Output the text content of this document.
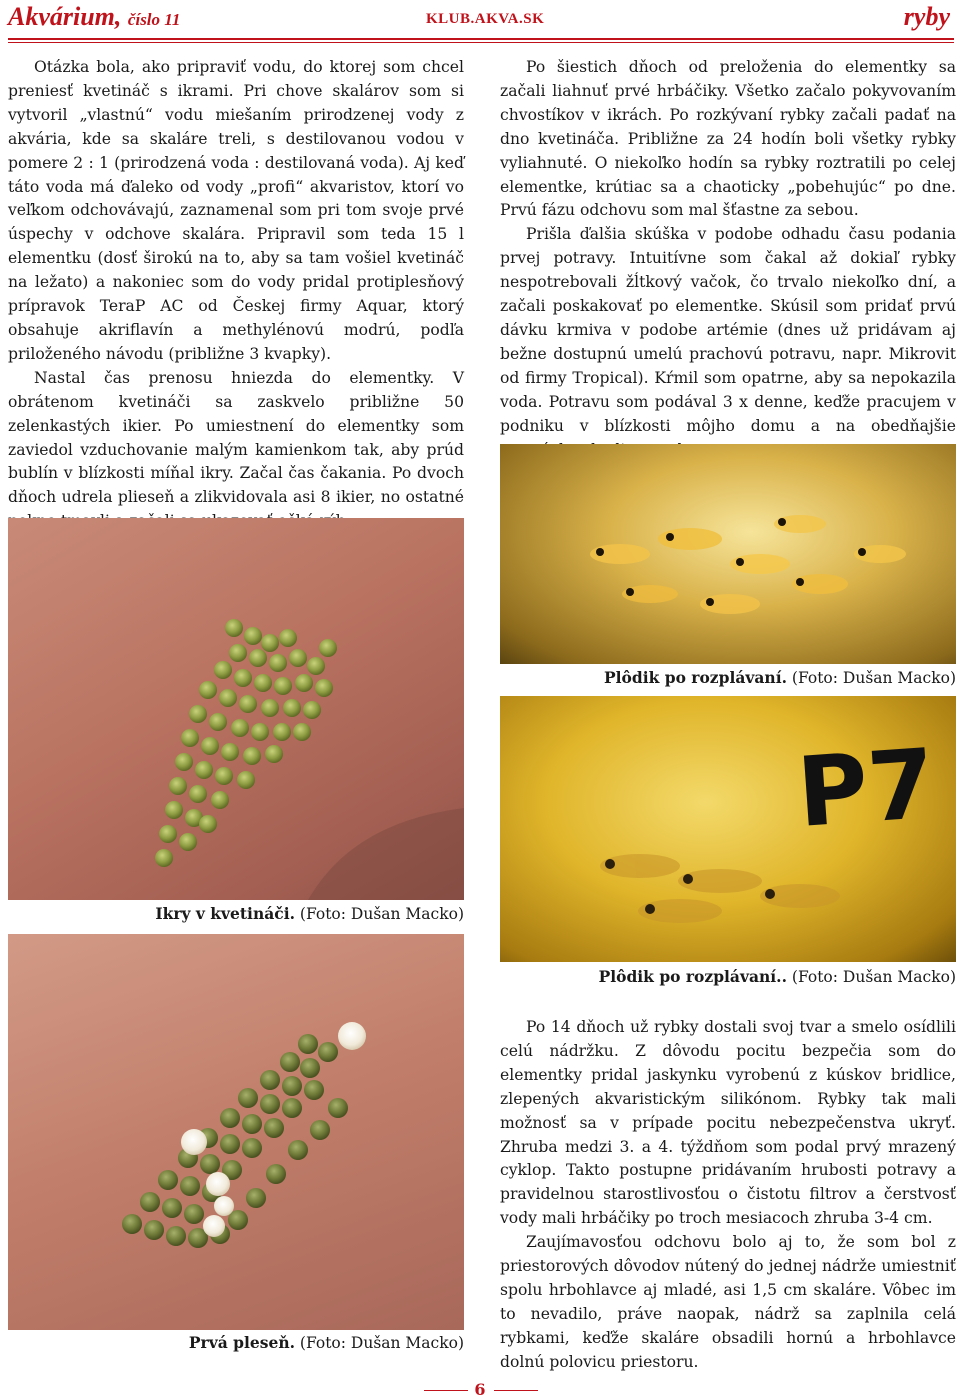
Akvárium, číslo 11	KLUB.AKVA.SK	ryby

Otázka bola, ako pripraviť vodu, do ktorej som chcel preniesť kvetináč s ikrami. Pri chove skalárov som si vytvoril „vlastnú“ vodu miešaním prirodzenej vody z akvária, kde sa skaláre treli, s destilovanou vodou v pomere 2 : 1 (prirodzená voda : destilovaná voda). Aj keď táto voda má ďaleko od vody „profi“ akvaristov, ktorí vo veľkom odchovávajú, zaznamenal som pri tom svoje prvé úspechy v odchove skalára. Pripravil som teda 15 l elementku (dosť širokú na to, aby sa tam vošiel kvetináč na ležato) a nakoniec som do vody pridal protiplesňový prípravok TeraP AC od Českej firmy Aquar, ktorý obsahuje akriflavín a methylénovú modrú, podľa priloženého návodu (približne 3 kvapky).

Nastal čas prenosu hniezda do elementky. V obrátenom kvetináči sa zaskvelo približne 50 zelenkastých ikier. Po umiestnení do elementky som zaviedol vzduchovanie malým kamienkom tak, aby prúd bublín v blízkosti míňal ikry. Začal čas čakania. Po dvoch dňoch udrela plieseň a zlikvidovala asi 8 ikier, no ostatné

Po šiestich dňoch od preloženia do elementky sa začali liahnuť prvé hrbáčiky. Všetko začalo pokyvovaním chvostíkov v ikrách. Po rozkývaní rybky začali padať na dno kvetináča. Približne za 24 hodín boli všetky rybky vyliahnuté. O niekoľko hodín sa rybky roztratili po celej elementke, krútiac sa a chaoticky „pobehujúc“ po dne. Prvú fázu odchovu som mal šťastne za sebou.

Prišla ďalšia skúška v podobe odhadu času podania prvej potravy. Intuitívne som čakal až dokiaľ rybky nespotrebovali žĺtkový vačok, čo trvalo niekoľko dní, a začali poskakovať po elementke. Skúsil som pridať prvú dávku krmiva v podobe artémie (dnes už pridávam aj bežne dostupnú umelú prachovú potravu, napr. Mikrovit od firmy Tropical). Kŕmil som opatrne, aby sa nepokazila voda. Potravu som podával 3 x denne, keďže pracujem v podniku v blízkosti môjho domu a na obedňajšie

Ikry v kvetináči. (Foto: Dušan Macko)
Prvá pleseň. (Foto: Dušan Macko)
Plôdik po rozplávaní. (Foto: Dušan Macko)
P7
Plôdik po rozplávaní.. (Foto: Dušan Macko)

Po 14 dňoch už rybky dostali svoj tvar a smelo osídlili celú nádržku. Z dôvodu pocitu bezpečia som do elementky pridal jaskynku vyrobenú z kúskov bridlice, zlepených akvaristickým silikónom. Rybky tak mali možnosť sa v prípade pocitu nebezpečenstva ukryť. Zhruba medzi 3. a 4. týždňom som podal prvý mrazený cyklop. Takto postupne pridávaním hrubosti potravy a pravidelnou starostlivosťou o čistotu filtrov a čerstvosť vody mali hrbáčiky po troch mesiacoch zhruba 3-4 cm.

Zaujímavosťou odchovu bolo aj to, že som bol z priestorových dôvodov nútený do jednej nádrže umiestniť spolu hrbohlavce aj mladé, asi 1,5 cm skaláre. Vôbec im to nevadilo, práve naopak, nádrž sa zaplnila celá rybkami, keďže skaláre obsadili hornú a hrbohlavce dolnú polovicu priestoru.

6
